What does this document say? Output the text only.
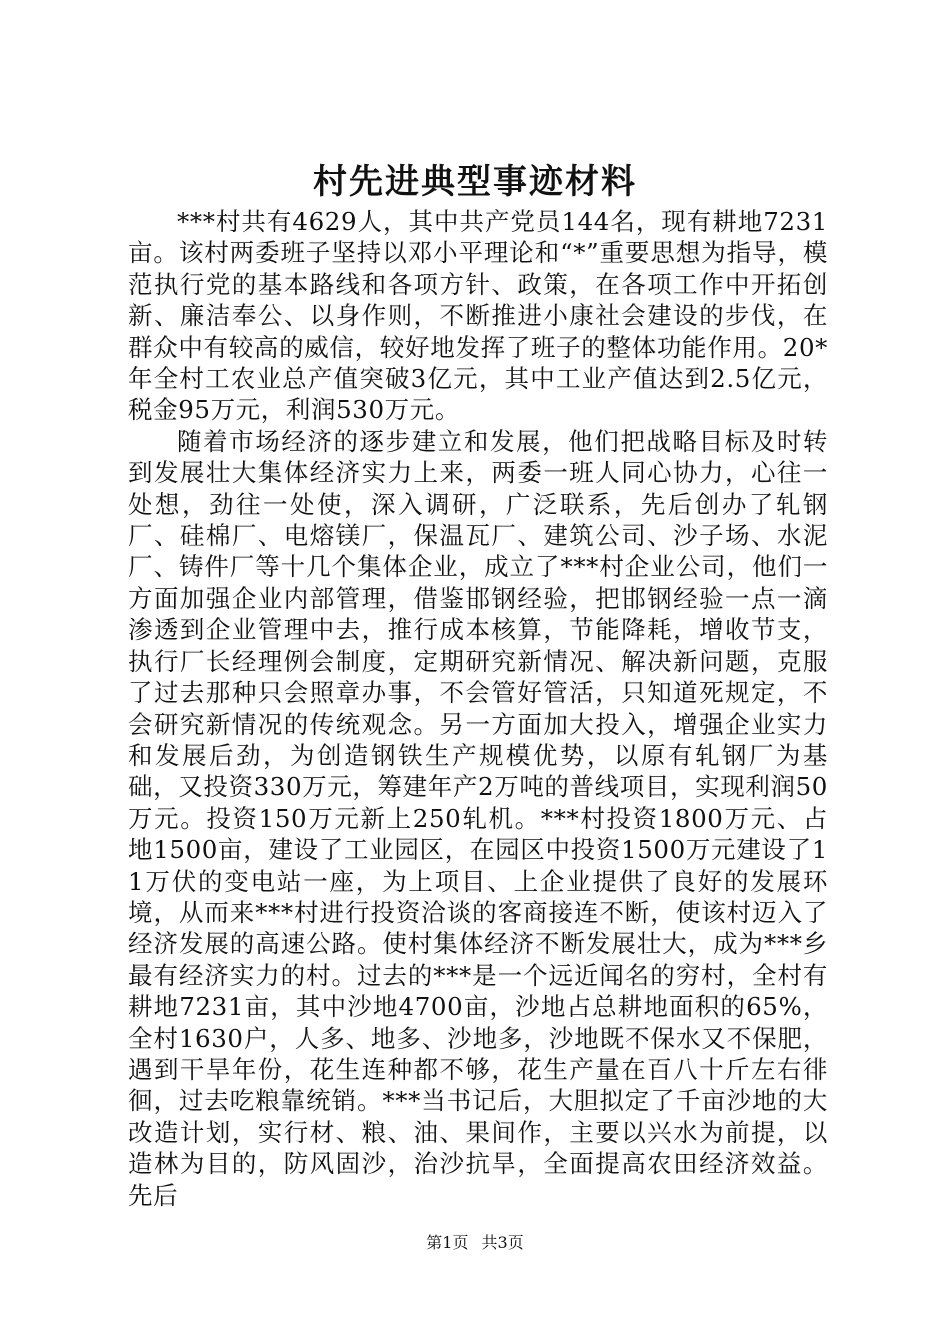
村先进典型事迹材料

***村共有4629人，其中共产党员144名，现有耕地7231亩。该村两委班子坚持以邓小平理论和“*”重要思想为指导，模范执行党的基本路线和各项方针、政策，在各项工作中开拓创新、廉洁奉公、以身作则，不断推进小康社会建设的步伐，在群众中有较高的威信，较好地发挥了班子的整体功能作用。20*年全村工农业总产值突破3亿元，其中工业产值达到2.5亿元，税金95万元，利润530万元。

随着市场经济的逐步建立和发展，他们把战略目标及时转到发展壮大集体经济实力上来，两委一班人同心协力，心往一处想，劲往一处使，深入调研，广泛联系，先后创办了轧钢厂、硅棉厂、电熔镁厂，保温瓦厂、建筑公司、沙子场、水泥厂、铸件厂等十几个集体企业，成立了***村企业公司，他们一方面加强企业内部管理，借鉴邯钢经验，把邯钢经验一点一滴渗透到企业管理中去，推行成本核算，节能降耗，增收节支，执行厂长经理例会制度，定期研究新情况、解决新问题，克服了过去那种只会照章办事，不会管好管活，只知道死规定，不会研究新情况的传统观念。另一方面加大投入，增强企业实力和发展后劲，为创造钢铁生产规模优势，以原有轧钢厂为基础，又投资330万元，筹建年产2万吨的普线项目，实现利润50万元。投资150万元新上250轧机。***村投资1800万元、占地1500亩，建设了工业园区，在园区中投资1500万元建设了11万伏的变电站一座，为上项目、上企业提供了良好的发展环境，从而来***村进行投资洽谈的客商接连不断，使该村迈入了经济发展的高速公路。使村集体经济不断发展壮大，成为***乡最有经济实力的村。过去的***是一个远近闻名的穷村，全村有耕地7231亩，其中沙地4700亩，沙地占总耕地面积的65%，全村1630户，人多、地多、沙地多，沙地既不保水又不保肥，遇到干旱年份，花生连种都不够，花生产量在百八十斤左右徘徊，过去吃粮靠统销。***当书记后，大胆拟定了千亩沙地的大改造计划，实行材、粮、油、果间作，主要以兴水为前提，以造林为目的，防风固沙，治沙抗旱，全面提高农田经济效益。先后

第1页 共3页
